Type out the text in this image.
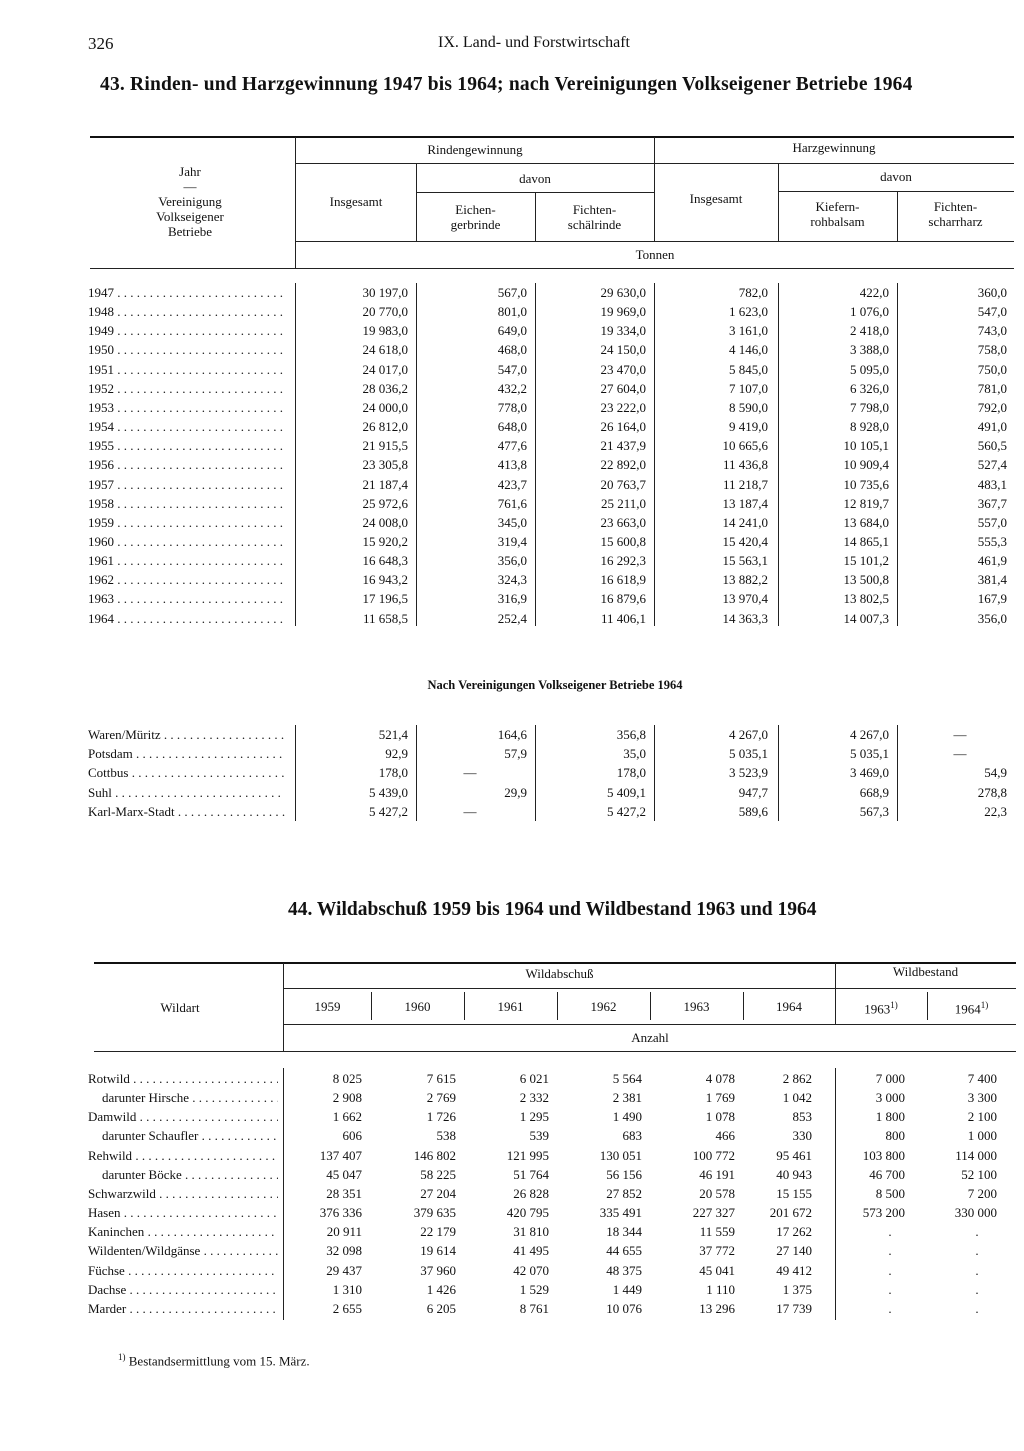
326	IX. Land- und Forstwirtschaft
43. Rinden- und Harzgewinnung 1947 bis 1964; nach Vereinigungen Volkseigener Betriebe 1964
Jahr
—
Vereinigung
Volkseigener
Betriebe
Rindengewinnung	Harzgewinnung
davon	davon
Insgesamt	Insgesamt
Eichen-
gerbrinde
Fichten-
schälrinde
Kiefern-
rohbalsam
Fichten-
scharrharz
Tonnen
1947 . . .	30 197,0	567,0	29 630,0	782,0	422,0	360,0
1948 . . .	20 770,0	801,0	19 969,0	1 623,0	1 076,0	547,0
1949 . . .	19 983,0	649,0	19 334,0	3 161,0	2 418,0	743,0
1950 . . .	24 618,0	468,0	24 150,0	4 146,0	3 388,0	758,0
1951 . . .	24 017,0	547,0	23 470,0	5 845,0	5 095,0	750,0
1952 . . .	28 036,2	432,2	27 604,0	7 107,0	6 326,0	781,0
1953 . . .	24 000,0	778,0	23 222,0	8 590,0	7 798,0	792,0
1954 . . .	26 812,0	648,0	26 164,0	9 419,0	8 928,0	491,0
1955 . . .	21 915,5	477,6	21 437,9	10 665,6	10 105,1	560,5
1956 . . .	23 305,8	413,8	22 892,0	11 436,8	10 909,4	527,4
1957 . . .	21 187,4	423,7	20 763,7	11 218,7	10 735,6	483,1
1958 . . .	25 972,6	761,6	25 211,0	13 187,4	12 819,7	367,7
1959 . . .	24 008,0	345,0	23 663,0	14 241,0	13 684,0	557,0
1960 . . .	15 920,2	319,4	15 600,8	15 420,4	14 865,1	555,3
1961 . . .	16 648,3	356,0	16 292,3	15 563,1	15 101,2	461,9
1962 . . .	16 943,2	324,3	16 618,9	13 882,2	13 500,8	381,4
1963 . . .	17 196,5	316,9	16 879,6	13 970,4	13 802,5	167,9
1964 . . .	11 658,5	252,4	11 406,1	14 363,3	14 007,3	356,0
Nach Vereinigungen Volkseigener Betriebe 1964
Waren/Müritz . . .	521,4	164,6	356,8	4 267,0	4 267,0	—
Potsdam . . .	92,9	57,9	35,0	5 035,1	5 035,1	—
Cottbus . . .	178,0	—	178,0	3 523,9	3 469,0	54,9
Suhl . . .	5 439,0	29,9	5 409,1	947,7	668,9	278,8
Karl-Marx-Stadt . . .	5 427,2	—	5 427,2	589,6	567,3	22,3
44. Wildabschuß 1959 bis 1964 und Wildbestand 1963 und 1964
Wildart
Wildabschuß	Wildbestand
1959	1960	1961	1962	1963	1964	1963$^{1)}$	1964$^{1)}$
Anzahl
Rotwild . . .	8 025	7 615	6 021	5 564	4 078	2 862	7 000	7 400
darunter Hirsche . . .	2 908	2 769	2 332	2 381	1 769	1 042	3 000	3 300
Damwild . . .	1 662	1 726	1 295	1 490	1 078	853	1 800	2 100
darunter Schaufler . . .	606	538	539	683	466	330	800	1 000
Rehwild . . .	137 407	146 802	121 995	130 051	100 772	95 461	103 800	114 000
darunter Böcke . . .	45 047	58 225	51 764	56 156	46 191	40 943	46 700	52 100
Schwarzwild . . .	28 351	27 204	26 828	27 852	20 578	15 155	8 500	7 200
Hasen . . .	376 336	379 635	420 795	335 491	227 327	201 672	573 200	330 000
Kaninchen . . .	20 911	22 179	31 810	18 344	11 559	17 262	.	.
Wildenten/Wildgänse . . .	32 098	19 614	41 495	44 655	37 772	27 140	.	.
Füchse . . .	29 437	37 960	42 070	48 375	45 041	49 412	.	.
Dachse . . .	1 310	1 426	1 529	1 449	1 110	1 375	.	.
Marder . . .	2 655	6 205	8 761	10 076	13 296	17 739	.	.
$^{1)}$ Bestandsermittlung vom 15. März.
